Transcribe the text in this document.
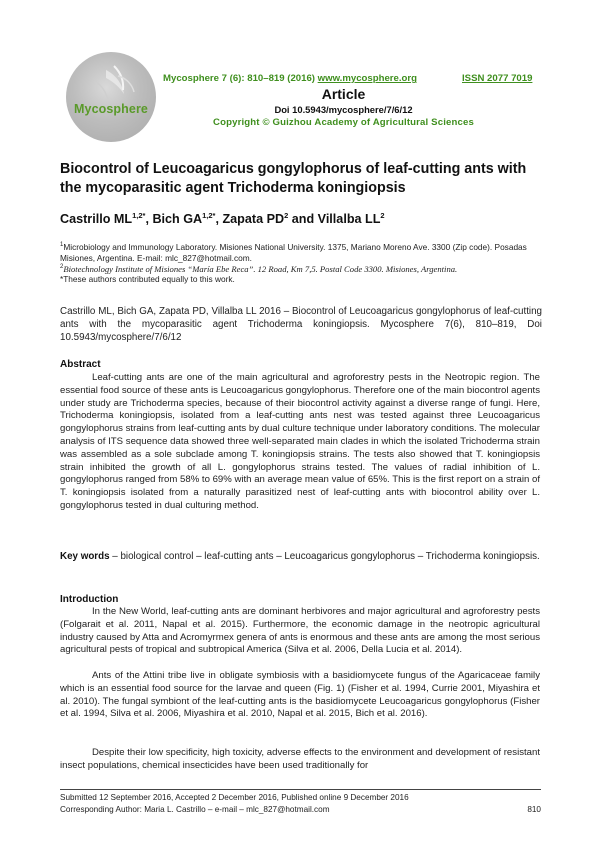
Mycosphere
Mycosphere 7 (6): 810–819 (2016) www.mycosphere.org	ISSN 2077 7019
Article
Doi 10.5943/mycosphere/7/6/12
Copyright © Guizhou Academy of Agricultural Sciences
Biocontrol of Leucoagaricus gongylophorus of leaf-cutting ants with the mycoparasitic agent Trichoderma koningiopsis
Castrillo $ML^{1,2*}$, Bich $GA^{1,2*}$, Zapata $PD^2$ and Villalba $LL^2$
$^1$Microbiology and Immunology Laboratory. Misiones National University. 1375, Mariano Moreno Ave. 3300 (Zip code). Posadas Misiones, Argentina. E-mail: mlc_827@hotmail.com.
$^2$Biotechnology Institute of Misiones “María Ebe Reca”. 12 Road, Km 7,5. Postal Code 3300. Misiones, Argentina.
*These authors contributed equally to this work.
Castrillo ML, Bich GA, Zapata PD, Villalba LL 2016 – Biocontrol of Leucoagaricus gongylophorus of leaf-cutting ants with the mycoparasitic agent Trichoderma koningiopsis. Mycosphere 7(6), 810–819, Doi 10.5943/mycosphere/7/6/12
Abstract
Leaf-cutting ants are one of the main agricultural and agroforestry pests in the Neotropic region. The essential food source of these ants is Leucoagaricus gongylophorus. Therefore one of the main biocontrol agents under study are Trichoderma species, because of their biocontrol activity against a diverse range of fungi. Here, Trichoderma koningiopsis, isolated from a leaf-cutting ants nest was tested against three Leucoagaricus gongylophorus strains from leaf-cutting ants by dual culture technique under laboratory conditions. The molecular analysis of ITS sequence data showed three well-separated main clades in which the isolated Trichoderma strain was assembled as a sole subclade among T. koningiopsis strains. The tests also showed that T. koningiopsis strain inhibited the growth of all L. gongylophorus strains tested. The values of radial inhibition of L. gongylophorus ranged from 58% to 69% with an average mean value of 65%. This is the first report on a strain of T. koningiopsis isolated from a naturally parasitized nest of leaf-cutting ants with biocontrol ability over L. gongylophorus tested in dual culturing method.
Key words – biological control – leaf-cutting ants – Leucoagaricus gongylophorus – Trichoderma koningiopsis.
Introduction
In the New World, leaf-cutting ants are dominant herbivores and major agricultural and agroforestry pests (Folgarait et al. 2011, Napal et al. 2015). Furthermore, the economic damage in the neotropic agricultural industry caused by Atta and Acromyrmex genera of ants is enormous and these ants are among the most serious agricultural pests of tropical and subtropical America (Silva et al. 2006, Della Lucia et al. 2014).
Ants of the Attini tribe live in obligate symbiosis with a basidiomycete fungus of the Agaricaceae family which is an essential food source for the larvae and queen (Fig. 1) (Fisher et al. 1994, Currie 2001, Miyashira et al. 2010). The fungal symbiont of the leaf-cutting ants is the basidiomycete Leucoagaricus gongylophorus (Fisher et al. 1994, Silva et al. 2006, Miyashira et al. 2010, Napal et al. 2015, Bich et al. 2016).
Despite their low specificity, high toxicity, adverse effects to the environment and development of resistant insect populations, chemical insecticides have been used traditionally for
Submitted 12 September 2016, Accepted 2 December 2016, Published online 9 December 2016
Corresponding Author: Maria L. Castrillo – e-mail – mlc_827@hotmail.com	810
